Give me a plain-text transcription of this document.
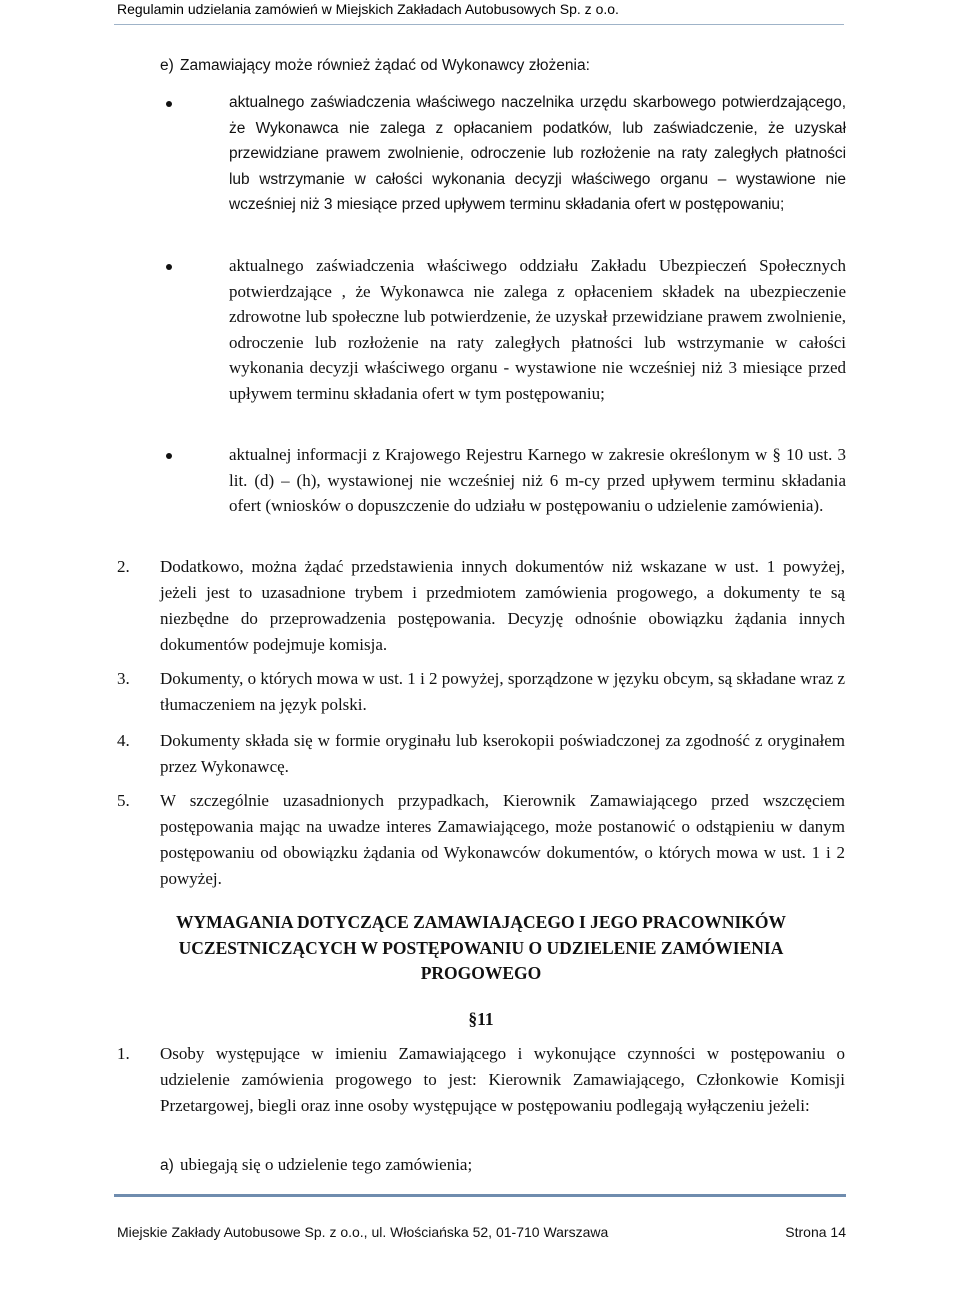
Regulamin udzielania zamówień w Miejskich Zakładach Autobusowych Sp. z o.o.
e) Zamawiający może również żądać od Wykonawcy złożenia:
aktualnego zaświadczenia właściwego naczelnika urzędu skarbowego potwierdzającego, że Wykonawca nie zalega z opłacaniem podatków, lub zaświadczenie, że uzyskał przewidziane prawem zwolnienie, odroczenie lub rozłożenie na raty zaległych płatności lub wstrzymanie w całości wykonania decyzji właściwego organu – wystawione nie wcześniej niż 3 miesiące przed upływem terminu składania ofert w postępowaniu;
aktualnego zaświadczenia właściwego oddziału Zakładu Ubezpieczeń Społecznych potwierdzające , że Wykonawca nie zalega z opłaceniem składek na ubezpieczenie zdrowotne lub społeczne lub potwierdzenie, że uzyskał przewidziane prawem zwolnienie, odroczenie lub rozłożenie na raty zaległych płatności lub wstrzymanie w całości wykonania decyzji właściwego organu - wystawione nie wcześniej niż 3 miesiące przed upływem terminu składania ofert w tym postępowaniu;
aktualnej informacji z Krajowego Rejestru Karnego w zakresie określonym w § 10 ust. 3 lit. (d) – (h), wystawionej nie wcześniej niż 6 m-cy przed upływem terminu składania ofert (wniosków o dopuszczenie do udziału w postępowaniu o udzielenie zamówienia).
2.	Dodatkowo, można żądać przedstawienia innych dokumentów niż wskazane w ust. 1 powyżej, jeżeli jest to uzasadnione trybem i przedmiotem zamówienia progowego, a dokumenty te są niezbędne do przeprowadzenia postępowania. Decyzję odnośnie obowiązku żądania innych dokumentów podejmuje komisja.
3.	Dokumenty, o których mowa w ust. 1 i 2 powyżej, sporządzone w języku obcym, są składane wraz z tłumaczeniem na język polski.
4.	Dokumenty składa się w formie oryginału lub kserokopii poświadczonej za zgodność z oryginałem przez Wykonawcę.
5.	W szczególnie uzasadnionych przypadkach, Kierownik Zamawiającego przed wszczęciem postępowania mając na uwadze interes Zamawiającego, może postanowić o odstąpieniu w danym postępowaniu od obowiązku żądania od Wykonawców dokumentów, o których mowa w ust. 1 i 2 powyżej.
WYMAGANIA DOTYCZĄCE ZAMAWIAJĄCEGO I JEGO PRACOWNIKÓW UCZESTNICZĄCYCH W POSTĘPOWANIU O UDZIELENIE ZAMÓWIENIA PROGOWEGO
§11
1.	Osoby występujące w imieniu Zamawiającego i wykonujące czynności w postępowaniu o udzielenie zamówienia progowego to jest: Kierownik Zamawiającego, Członkowie Komisji Przetargowej, biegli oraz inne osoby występujące w postępowaniu podlegają wyłączeniu jeżeli:
a) ubiegają się o udzielenie tego zamówienia;
Miejskie Zakłady Autobusowe Sp. z o.o., ul. Włościańska 52, 01-710 Warszawa	Strona 14
